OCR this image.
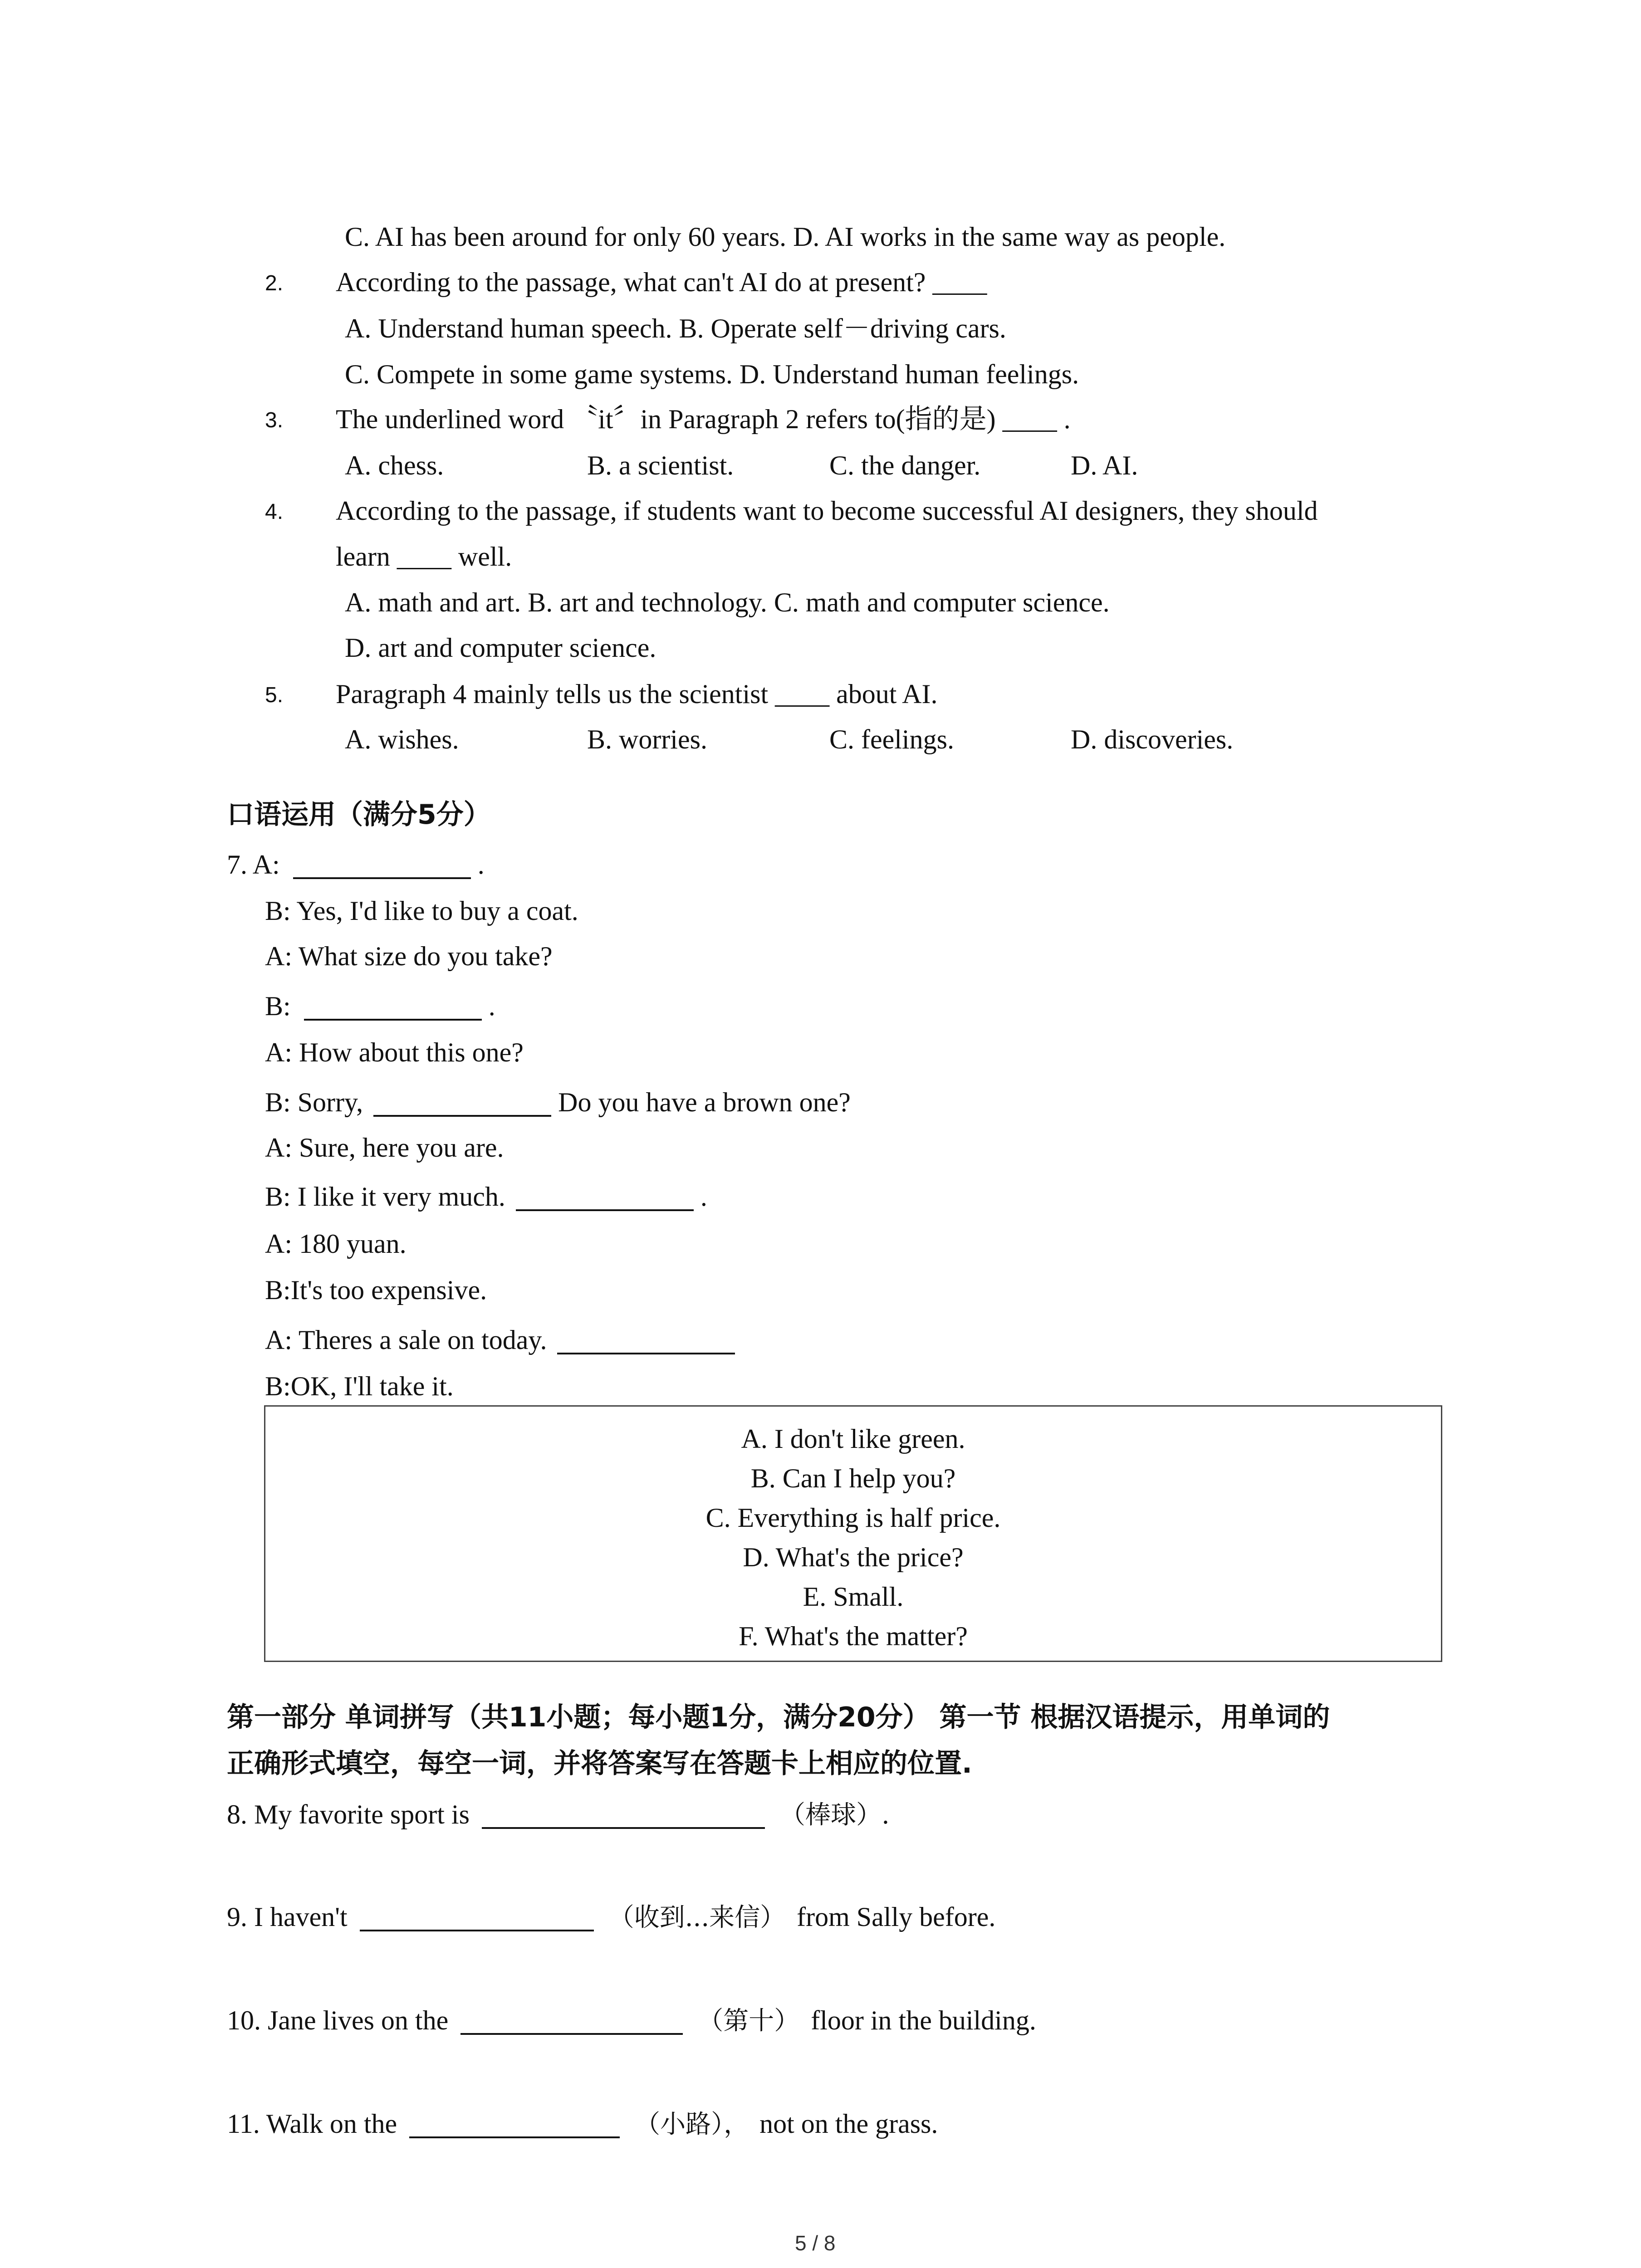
C. AI has been around for only 60 years. D. AI works in the same way as people.
2. According to the passage, what can't AI do at present? ____
A. Understand human speech. B. Operate self－driving cars.
C. Compete in some game systems. D. Understand human feelings.
3. The underlined word 〝it〞in Paragraph 2 refers to(指的是) ____ .
A. chess.	B. a scientist.	C. the danger.	D. AI.
4. According to the passage, if students want to become successful AI designers, they should
learn ____ well.
A. math and art. B. art and technology. C. math and computer science.
D. art and computer science.
5. Paragraph 4 mainly tells us the scientist ____ about AI.
A. wishes.	B. worries.	C. feelings.	D. discoveries.
口语运用（满分5分）
7. A:	.
B: Yes, I'd like to buy a coat.
A: What size do you take?
B:	.
A: How about this one?
B: Sorry,	Do you have a brown one?
A: Sure, here you are.
B: I like it very much.	.
A: 180 yuan.
B:It's too expensive.
A: Theres a sale on today.
B:OK, I'll take it.
A. I don't like green.
B. Can I help you?
C. Everything is half price.
D. What's the price?
E. Small.
F. What's the matter?
第一部分 单词拼写（共11小题；每小题1分，满分20分） 第一节 根据汉语提示，用单词的
正确形式填空，每空一词，并将答案写在答题卡上相应的位置.
8. My favorite sport is	（棒球）.
9. I haven't	（收到...来信） from Sally before.
10. Jane lives on the	（第十） floor in the building.
11. Walk on the	（小路）， not on the grass.
5 / 8
